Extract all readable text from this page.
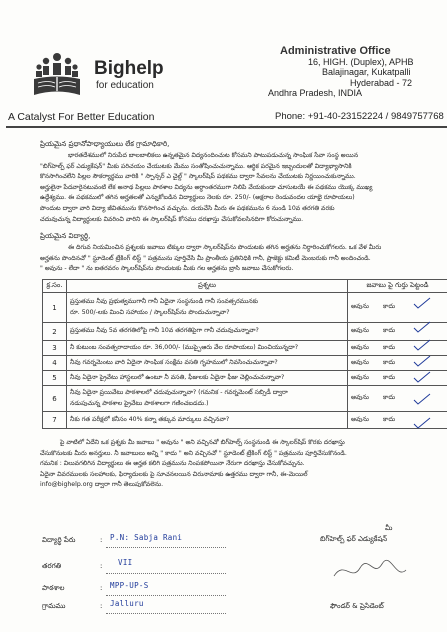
Bighelp
for education
A Catalyst For Better Education
Administrative Office
16, HIGH. (Duplex), APHB
Balajinagar, Kukatpalli
Hyderabad - 72
Andhra Pradesh, INDIA
Phone: +91-40-23152224 / 9849757768
ప్రియమైన ప్రధానోపాధ్యాయులు లేక గ్రామాధికారి,
భారతదేశములో నిరుపేద బాలబాలికలు ఉన్నతమైన విద్యనందించుట కోసమని పాటుపడుచున్న సాంఘిక సేవా సంస్థ అయిన
"బిగ్‌హెల్ప్ ఫర్ ఎడ్యుకేషన్" మీకు పరిచయం చేయుటకు మేము సంతోషించుచున్నాము. ఆర్థిక పరమైన ఇబ్బందులతో విద్యాభ్యాసానికి
కొనసాగించలేని పిల్లల సౌకర్యార్థము వారికి " స్పాన్సర్ ఎ చైల్డ్ " స్కాలర్‌షిప్ పథకము ద్వారా సేవలను చేయుటకు నిర్ణయించుకున్నాము.
అర్హులైనా పేదవారైనటువంటి లేక అనాథ పిల్లలు పాఠశాల విద్యను అర్ధాంతరముగా నిలిపి వేయకుండా చూసుటయే ఈ పథకము యొక్క ముఖ్య
ఉద్దేశ్యము. ఈ పథకములో తగిన అర్హతలతో ఎన్నుకోబడిన విద్యార్థులు నెలకు రూ. 250/- (అక్షరాల రెండువందల యాభై రూపాయలు)
పొందుట ద్వారా వారి విద్యా జీవితమును కొనసాగించ వచ్చును. దయచేసి మీరు ఈ పథకమును 6 నుండి 10వ తరగతి వరకు
చదువుచున్న విద్యార్థులకు వివరించి వారిని ఈ స్కాలర్‌షిప్ కోసము దరఖాస్తు చేసుకోవలసినదిగా కోరుచున్నాము.
ప్రియమైన విద్యార్థి,
ఈ దిగువ నియమించిన ప్రశ్నలకు జవాబు టిక్కుల ద్వారా స్కాలర్‌షిప్‌ను పొందుటకు తగిన అర్హతను నిర్ధారించుకోగలరు. ఒక వేళ మీరు
అర్హతను పొందినచో " స్టూడెంట్ ట్రేకింగ్ లిస్ట్ " పత్రమును పూర్తిచేసి మీ ప్రాంతీయ ప్రతినిధికి గానీ, ప్రాజెక్టు కమిటీ మెంబరుకు గానీ అందించండి.
" అవును - లేదా " ను ఐతరవరం స్కాలర్‌షిప్‌ను పొందుటకు మీకు గల అర్హతను బ్రాసి జవాబు చేసుకోగలరు.
క్ర.సం.	ప్రశ్నలు	జవాబు పై గుర్తు పెట్టండి
1	ప్రస్తుతము నీవు ప్రభుత్వముగానీ గానీ ఏదైనా సంస్థనుండి గానీ సంవత్సరమునకు
రూ. 500/-లకు మించి సహాయం / స్కాలర్‌షిప్‌ను పొందుచున్నావా?	అవును కాదు
2	ప్రస్తుతము నీవు 5వ తరగతిలోపై గానీ 10వ తరగతిపైగా గానీ చదువుచున్నావా?	అవును కాదు
3	నీ కుటుంబ సంవత్సరాదాయం రూ. 36,000/- (ముప్పైఆరు వేల రూపాయలు) మించియున్నదా?	అవును కాదు
4	నీవు గవర్నమెంటు వారి ఏదైనా సాంఘిక సంక్షేమ వసతి గృహములో నివసించుచున్నావా?	అవును కాదు
5	నీవు ఏదైనా ప్రైవేటు హాస్టలులో ఉంటూ నీ వసతి, ఫీజులకు ఏదైనా ఫీజు చెల్లించుచున్నావా?	అవును కాదు
6	నీవు ఏదైనా ప్రయివేటు పాఠశాలలో చదువుచున్నావా? (గమనిక - గవర్నమెంట్ సబ్సిడీ ద్వారా
నడుపుచున్న పాఠశాల ప్రైవేటు పాఠశాలగా గణించబడదు.)	అవును కాదు
7	నీకు గత పరీక్షలో కనీసం 40% కన్నా తక్కువ మార్కులు వచ్చినవా?	అవును కాదు
పై వాటిలో ఏదేని ఒక ప్రశ్నకు మీ జవాబు " అవును " అని వచ్చినచో బిగ్‌హెల్ప్ సంస్థనుండి ఈ స్కాలర్‌షిప్ కొరకు దరఖాస్తు
చేసుకొనుటకు మీరు అనర్హులు. నీ జవాబులు అన్ని " కాదు " అని వచ్చినచో " స్టూడెంట్ ట్రేకింగ్ లిస్ట్ " పత్రమును పూర్తిచేసుకొనండి.
గమనిక : విలువగలిగిన విద్యార్థులు ఈ అర్హత కలిగి పత్రమును నింపకపోయినా నేరుగా దరఖాస్తు చేసుకోవచ్చును.
ఏదైనా వివరములకు సలహాలకు, ఫిర్యాదులకు పై సూచనలయిన చిరునామాకు ఉత్తరము ద్వారా గానీ, ఈ-మెయిల్
info@bighelp.org ద్వారా గానీ తెలుపుకోవలెను.
విద్యార్థి పేరు	: P.N: Sabja Rani
తరగతి	: VII
పాఠశాల	: MPP-UP-S
గ్రామము	: Jalluru
మీ
బిగ్‌హెల్ప్ ఫర్ ఎడ్యుకేషన్
ఫౌండర్ & ప్రెసిడెంట్
